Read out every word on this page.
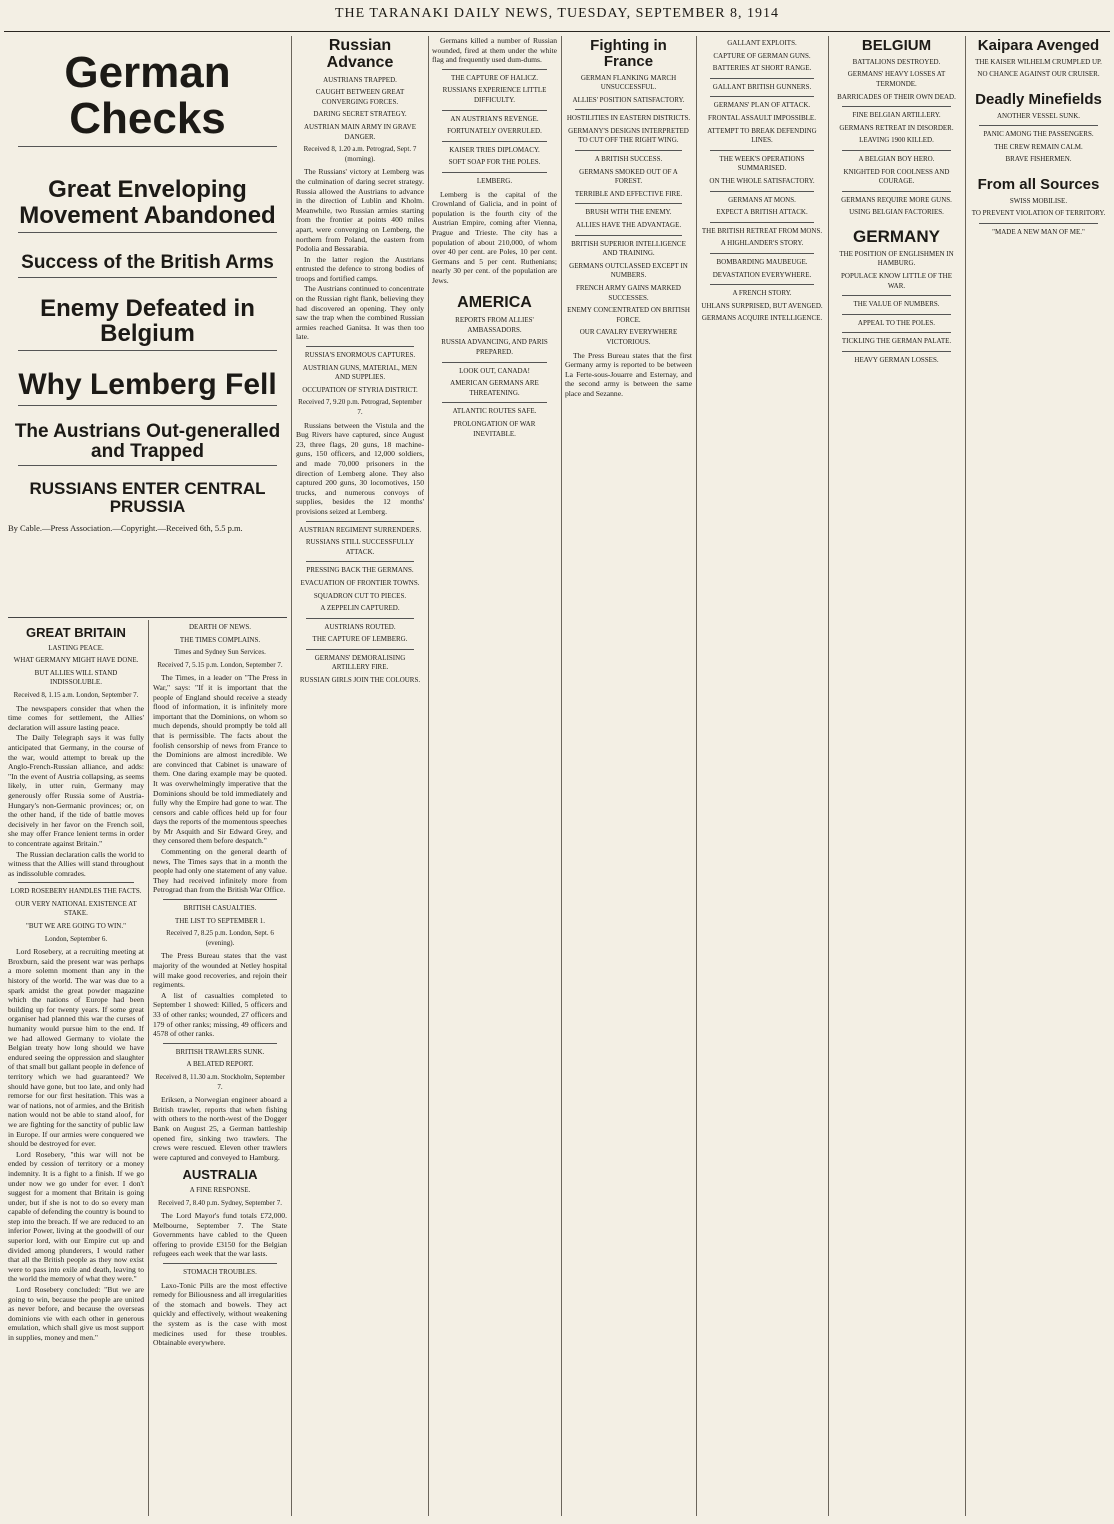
THE TARANAKI DAILY NEWS, TUESDAY, SEPTEMBER 8, 1914
German Checks
Great Enveloping Movement Abandoned
Success of the British Arms
Enemy Defeated in Belgium
Why Lemberg Fell
The Austrians Out-generalled and Trapped
RUSSIANS ENTER CENTRAL PRUSSIA
By Cable.—Press Association.—Copyright.—Received 6th, 5.5 p.m.
GREAT BRITAIN
LASTING PEACE.
WHAT GERMANY MIGHT HAVE DONE.
BUT ALLIES WILL STAND INDISSOLUBLE.
Received 8, 1.15 a.m. London, September 7.

The newspapers consider that when the time comes for settlement, the Allies' declaration will assure lasting peace.

The Daily Telegraph says it was fully anticipated that Germany, in the course of the war, would attempt to break up the Anglo-French-Russian alliance, and adds: "In the event of Austria collapsing, as seems likely, in utter ruin, Germany may generously offer Russia some of Austria-Hungary's non-Germanic provinces; or, on the other hand, if the tide of battle moves decisively in her favor on the French soil, she may offer France lenient terms in order to concentrate against Britain."

The Russian declaration calls the world to witness that the Allies will stand throughout as indissoluble comrades.

LORD ROSEBERY HANDLES THE FACTS.
OUR VERY NATIONAL EXISTENCE AT STAKE.
"BUT WE ARE GOING TO WIN."
London, September 6.

Lord Rosebery, at a recruiting meeting at Broxburn, said the present war was perhaps a more solemn moment than any in the history of the world. The war was due to a spark amidst the great powder magazine which the nations of Europe had been building up for twenty years. If some great organiser had planned this war the curses of humanity would pursue him to the end. If we had allowed Germany to violate the Belgian treaty how long should we have endured seeing the oppression and slaughter of that small but gallant people in defence of territory which we had guaranteed? We should have gone, but too late, and only had remorse for our first hesitation. This was a war of nations, not of armies, and the British nation would not be able to stand aloof, for we are fighting for the sanctity of public law in Europe. If our armies were conquered we should be destroyed for ever.

Lord Rosebery, "this war will not be ended by cession of territory or a money indemnity. It is a fight to a finish. If we go under now we go under for ever. I don't suggest for a moment that Britain is going under, but if she is not to do so every man capable of defending the country is bound to step into the breach. If we are reduced to an inferior Power, living at the goodwill of our superior lord, with our Empire cut up and divided among plunderers, I would rather that all the British people as they now exist were to pass into exile and death, leaving to the world the memory of what they were."

Lord Rosebery concluded: "But we are going to win, because the people are united as never before, and because the overseas dominions vie with each other in generous emulation, which shall give us most support in supplies, money and men."

DEARTH OF NEWS.
THE TIMES COMPLAINS.
Times and Sydney Sun Services.
Received 7, 5.15 p.m. London, September 7.

The Times, in a leader on "The Press in War," says: "If it is important that the people of England should receive a steady flood of information, it is infinitely more important that the Dominions, on whom so much depends, should promptly be told all that is permissible. The facts about the foolish censorship of news from France to the Dominions are almost incredible. We are convinced that Cabinet is unaware of them. One daring example may be quoted. It was overwhelmingly imperative that the Dominions should be told immediately and fully why the Empire had gone to war. The censors and cable offices held up for four days the reports of the momentous speeches by Mr Asquith and Sir Edward Grey, and they censored them before despatch."

Commenting on the general dearth of news, The Times says that in a month the people had only one statement of any value. They had received infinitely more from Petrograd than from the British War Office.

BRITISH CASUALTIES.
THE LIST TO SEPTEMBER 1.
Received 7, 8.25 p.m. London, Sept. 6 (evening).

The Press Bureau states that the vast majority of the wounded at Netley hospital will make good recoveries, and rejoin their regiments.

A list of casualties completed to September 1 showed: Killed, 5 officers and 33 of other ranks; wounded, 27 officers and 179 of other ranks; missing, 49 officers and 4578 of other ranks.

BRITISH TRAWLERS SUNK.
A BELATED REPORT.
Received 8, 11.30 a.m. Stockholm, September 7.

Eriksen, a Norwegian engineer aboard a British trawler, reports that when fishing with others to the north-west of the Dogger Bank on August 25, a German battleship opened fire, sinking two trawlers. The crews were rescued. Eleven other trawlers were captured and conveyed to Hamburg.

AUSTRALIA
A FINE RESPONSE.
Received 7, 8.40 p.m. Sydney, September 7.

The Lord Mayor's fund totals £72,000. Melbourne, September 7. The State Governments have cabled to the Queen offering to provide £3150 for the Belgian refugees each week that the war lasts.

STOMACH TROUBLES.

Laxo-Tonic Pills are the most effective remedy for Biliousness and all irregularities of the stomach and bowels. They act quickly and effectively, without weakening the system as is the case with most medicines used for these troubles. Obtainable everywhere.

Russian Advance
AUSTRIANS TRAPPED.
CAUGHT BETWEEN GREAT CONVERGING FORCES.
DARING SECRET STRATEGY.
AUSTRIAN MAIN ARMY IN GRAVE DANGER.
Received 8, 1.20 a.m. Petrograd, Sept. 7 (morning).

The Russians' victory at Lemberg was the culmination of daring secret strategy. Russia allowed the Austrians to advance in the direction of Lublin and Kholm. Meanwhile, two Russian armies starting from the frontier at points 400 miles apart, were converging on Lemberg, the northern from Poland, the eastern from Podolia and Bessarabia.

In the latter region the Austrians entrusted the defence to strong bodies of troops and fortified camps.

The Austrians continued to concentrate on the Russian right flank, believing they had discovered an opening. They only saw the trap when the combined Russian armies reached Ganitsa. It was then too late.

RUSSIA'S ENORMOUS CAPTURES.
AUSTRIAN GUNS, MATERIAL, MEN AND SUPPLIES.
OCCUPATION OF STYRIA DISTRICT.
Received 7, 9.20 p.m. Petrograd, September 7.

Russians between the Vistula and the Bug Rivers have captured, since August 23, three flags, 20 guns, 18 machine-guns, 150 officers, and 12,000 soldiers, and made 70,000 prisoners in the direction of Lemberg alone. They also captured 200 guns, 30 locomotives, 150 trucks, and numerous convoys of supplies, besides the 12 months' provisions seized at Lemberg.

AUSTRIAN REGIMENT SURRENDERS.
RUSSIANS STILL SUCCESSFULLY ATTACK.
PRESSING BACK THE GERMANS.
EVACUATION OF FRONTIER TOWNS.
SQUADRON CUT TO PIECES.
A ZEPPELIN CAPTURED.
AUSTRIANS ROUTED.
THE CAPTURE OF LEMBERG.
GERMANS' DEMORALISING ARTILLERY FIRE.
RUSSIAN GIRLS JOIN THE COLOURS.

Germans killed a number of Russian wounded, fired at them under the white flag and frequently used dum-dums.

THE CAPTURE OF HALICZ.
RUSSIANS EXPERIENCE LITTLE DIFFICULTY.
AN AUSTRIAN'S REVENGE.
FORTUNATELY OVERRULED.
KAISER TRIES DIPLOMACY.
SOFT SOAP FOR THE POLES.
LEMBERG.

Lemberg is the capital of the Crownland of Galicia, and in point of population is the fourth city of the Austrian Empire, coming after Vienna, Prague and Trieste. The city has a population of about 210,000, of whom over 40 per cent. are Poles, 10 per cent. Germans and 5 per cent. Ruthenians; nearly 30 per cent. of the population are Jews.

AMERICA
REPORTS FROM ALLIES' AMBASSADORS.
RUSSIA ADVANCING, AND PARIS PREPARED.
LOOK OUT, CANADA!
AMERICAN GERMANS ARE THREATENING.
ATLANTIC ROUTES SAFE.
PROLONGATION OF WAR INEVITABLE.
Fighting in France
GERMAN FLANKING MARCH UNSUCCESSFUL.
ALLIES' POSITION SATISFACTORY.
HOSTILITIES IN EASTERN DISTRICTS.
GERMANY'S DESIGNS INTERPRETED TO CUT OFF THE RIGHT WING.
A BRITISH SUCCESS.
GERMANS SMOKED OUT OF A FOREST.
TERRIBLE AND EFFECTIVE FIRE.
BRUSH WITH THE ENEMY.
ALLIES HAVE THE ADVANTAGE.
BRITISH SUPERIOR INTELLIGENCE AND TRAINING.
GERMANS OUTCLASSED EXCEPT IN NUMBERS.
FRENCH ARMY GAINS MARKED SUCCESSES.
ENEMY CONCENTRATED ON BRITISH FORCE.
OUR CAVALRY EVERYWHERE VICTORIOUS.

The Press Bureau states that the first Germany army is reported to be between La Ferte-sous-Jouarre and Esternay, and the second army is between the same place and Sezanne.

GALLANT EXPLOITS.
CAPTURE OF GERMAN GUNS.
BATTERIES AT SHORT RANGE.
GALLANT BRITISH GUNNERS.
GERMANS' PLAN OF ATTACK.
FRONTAL ASSAULT IMPOSSIBLE.
ATTEMPT TO BREAK DEFENDING LINES.
THE WEEK'S OPERATIONS SUMMARISED.
ON THE WHOLE SATISFACTORY.
GERMANS AT MONS.
EXPECT A BRITISH ATTACK.
THE BRITISH RETREAT FROM MONS.
A HIGHLANDER'S STORY.
BOMBARDING MAUBEUGE.
DEVASTATION EVERYWHERE.
A FRENCH STORY.
UHLANS SURPRISED, BUT AVENGED.
GERMANS ACQUIRE INTELLIGENCE.
BELGIUM
BATTALIONS DESTROYED.
GERMANS' HEAVY LOSSES AT TERMONDE.
BARRICADES OF THEIR OWN DEAD.
FINE BELGIAN ARTILLERY.
GERMANS RETREAT IN DISORDER.
LEAVING 1900 KILLED.
A BELGIAN BOY HERO.
KNIGHTED FOR COOLNESS AND COURAGE.
GERMANS REQUIRE MORE GUNS.
USING BELGIAN FACTORIES.
GERMANY
THE POSITION OF ENGLISHMEN IN HAMBURG.
POPULACE KNOW LITTLE OF THE WAR.
THE VALUE OF NUMBERS.
APPEAL TO THE POLES.
TICKLING THE GERMAN PALATE.
HEAVY GERMAN LOSSES.
Kaipara Avenged
THE KAISER WILHELM CRUMPLED UP.
NO CHANCE AGAINST OUR CRUISER.
Deadly Minefields
ANOTHER VESSEL SUNK.
PANIC AMONG THE PASSENGERS.
THE CREW REMAIN CALM.
BRAVE FISHERMEN.
From all Sources
SWISS MOBILISE.
TO PREVENT VIOLATION OF TERRITORY.
"MADE A NEW MAN OF ME."
